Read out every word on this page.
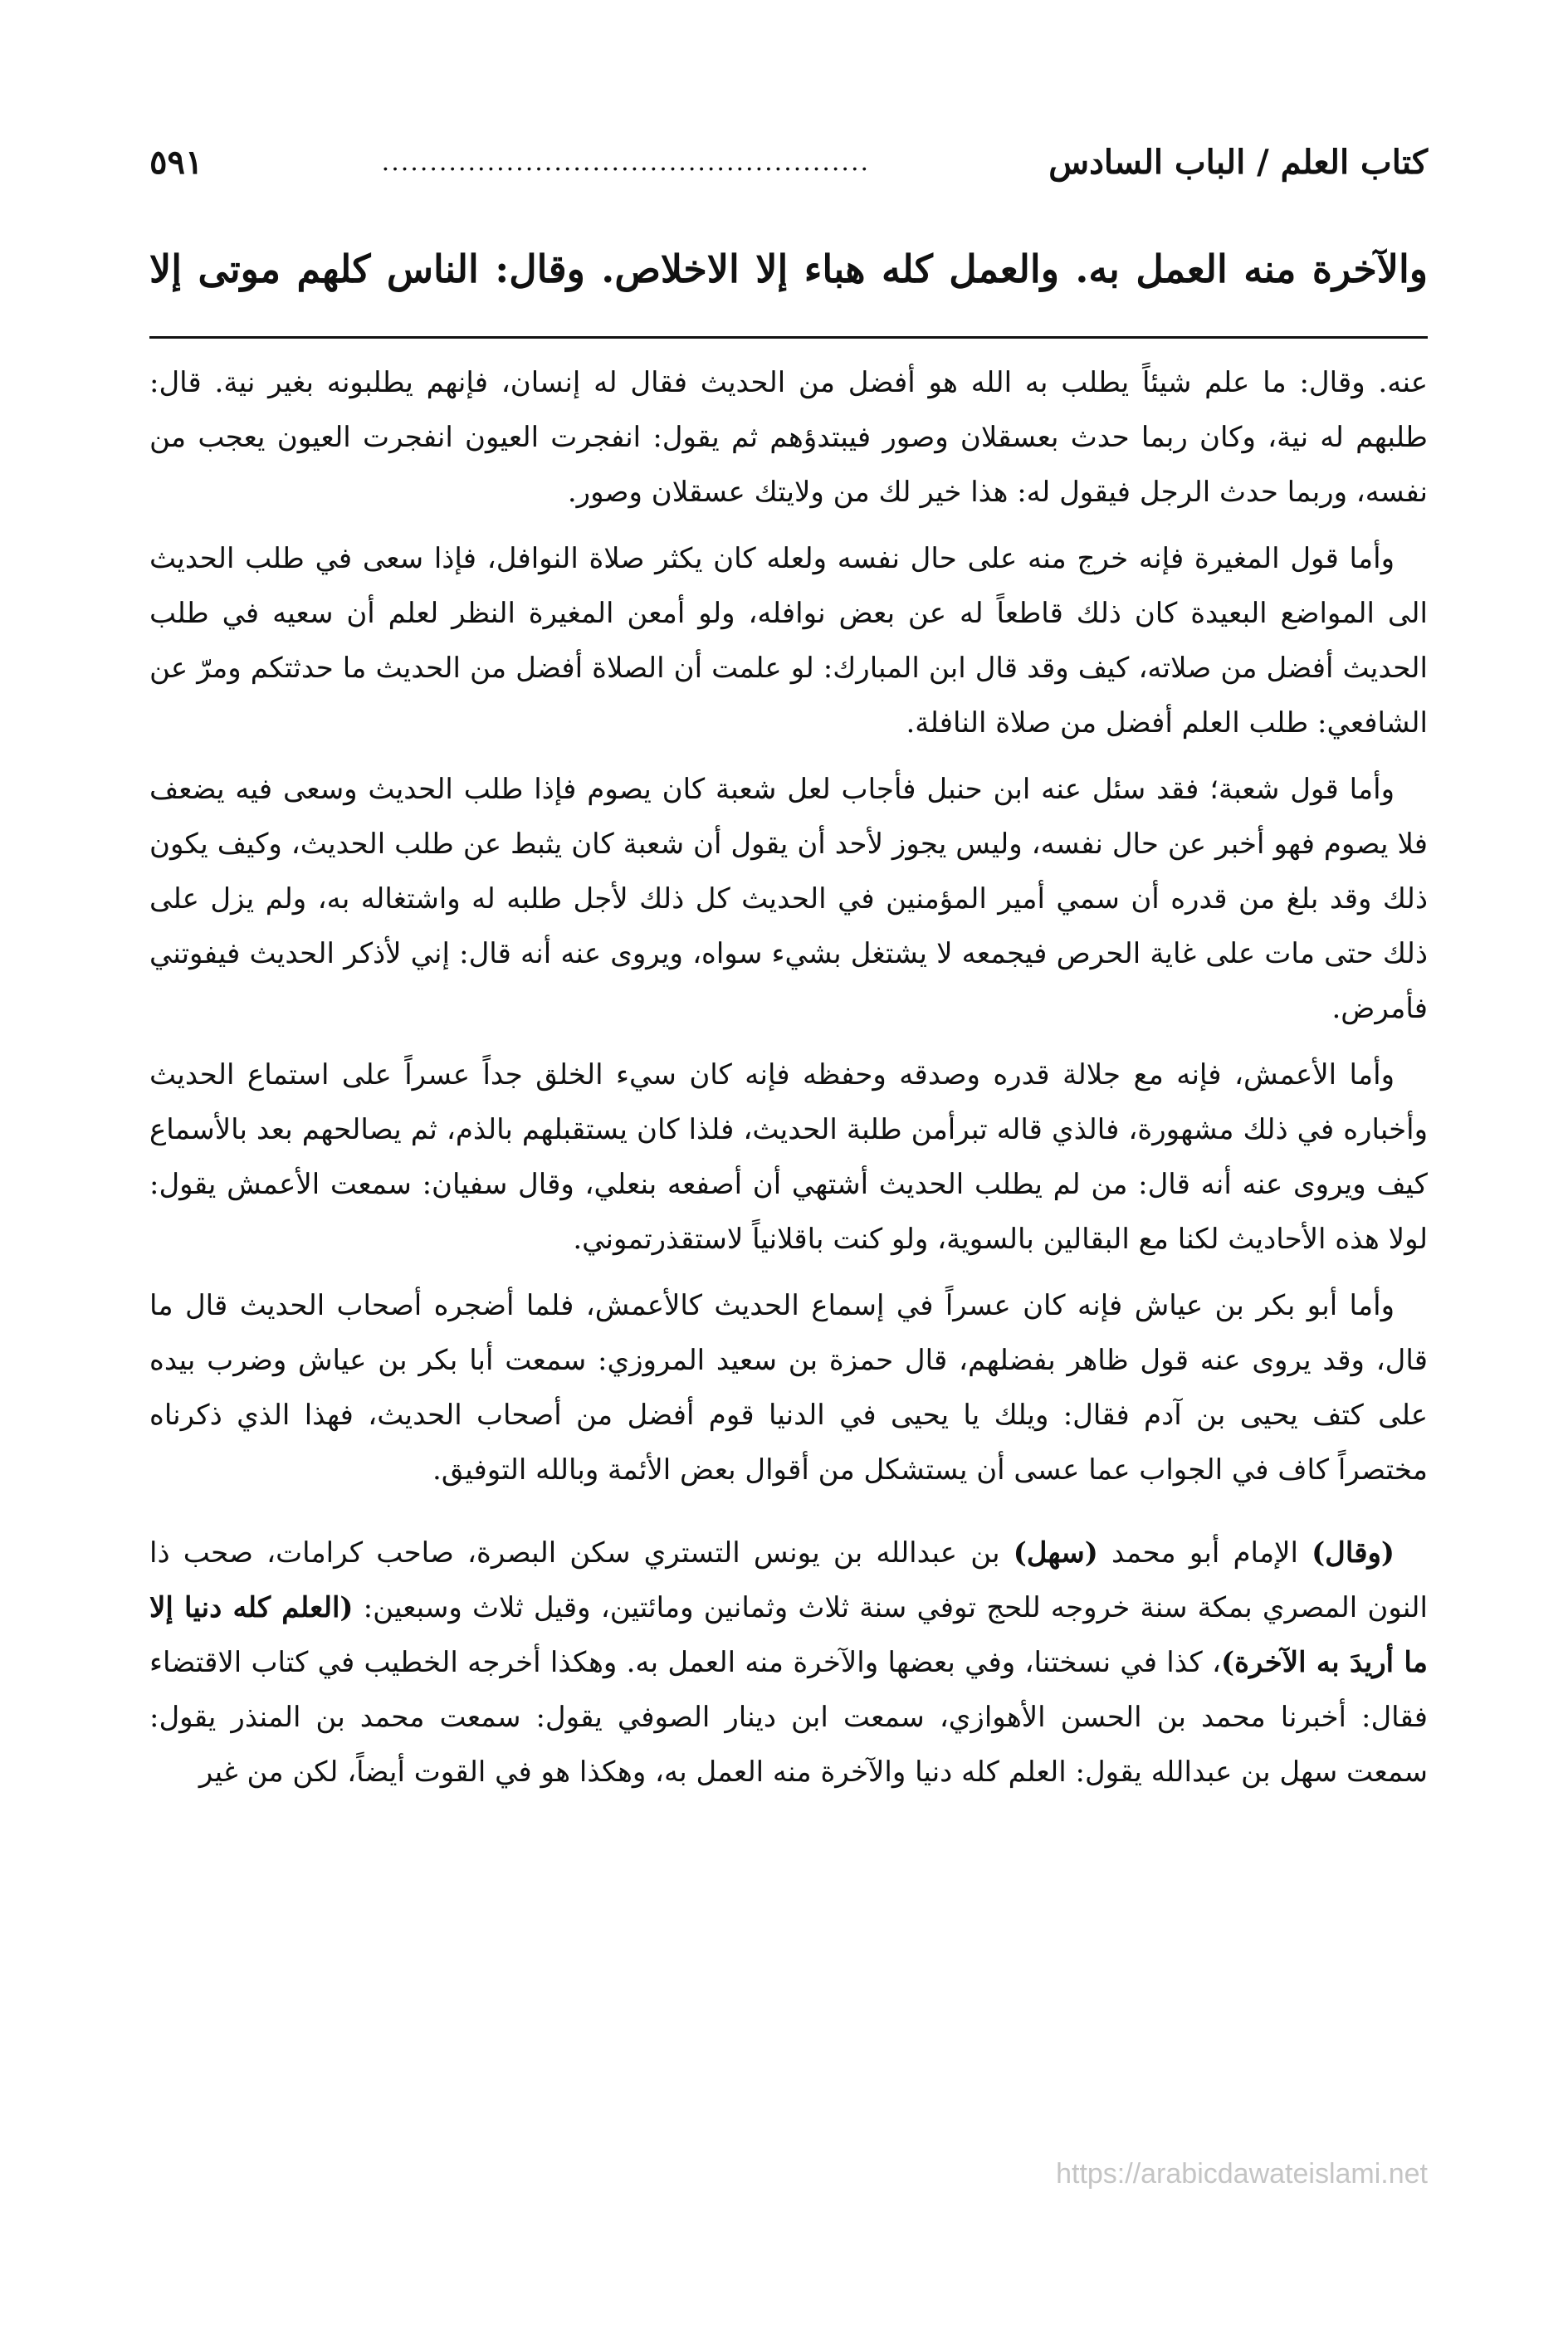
كتاب العلم / الباب السادس
...................................................
٥٩١
والآخرة منه العمل به. والعمل كله هباء إلا الاخلاص. وقال: الناس كلهم موتى إلا

عنه. وقال: ما علم شيئاً يطلب به الله هو أفضل من الحديث فقال له إنسان، فإنهم يطلبونه بغير نية. قال: طلبهم له نية، وكان ربما حدث بعسقلان وصور فيبتدؤهم ثم يقول: انفجرت العيون انفجرت العيون يعجب من نفسه، وربما حدث الرجل فيقول له: هذا خير لك من ولايتك عسقلان وصور.

وأما قول المغيرة فإنه خرج منه على حال نفسه ولعله كان يكثر صلاة النوافل، فإذا سعى في طلب الحديث الى المواضع البعيدة كان ذلك قاطعاً له عن بعض نوافله، ولو أمعن المغيرة النظر لعلم أن سعيه في طلب الحديث أفضل من صلاته، كيف وقد قال ابن المبارك: لو علمت أن الصلاة أفضل من الحديث ما حدثتكم ومرّ عن الشافعي: طلب العلم أفضل من صلاة النافلة.

وأما قول شعبة؛ فقد سئل عنه ابن حنبل فأجاب لعل شعبة كان يصوم فإذا طلب الحديث وسعى فيه يضعف فلا يصوم فهو أخبر عن حال نفسه، وليس يجوز لأحد أن يقول أن شعبة كان يثبط عن طلب الحديث، وكيف يكون ذلك وقد بلغ من قدره أن سمي أمير المؤمنين في الحديث كل ذلك لأجل طلبه له واشتغاله به، ولم يزل على ذلك حتى مات على غاية الحرص فيجمعه لا يشتغل بشيء سواه، ويروى عنه أنه قال: إني لأذكر الحديث فيفوتني فأمرض.

وأما الأعمش، فإنه مع جلالة قدره وصدقه وحفظه فإنه كان سيء الخلق جداً عسراً على استماع الحديث وأخباره في ذلك مشهورة، فالذي قاله تبرأمن طلبة الحديث، فلذا كان يستقبلهم بالذم، ثم يصالحهم بعد بالأسماع كيف ويروى عنه أنه قال: من لم يطلب الحديث أشتهي أن أصفعه بنعلي، وقال سفيان: سمعت الأعمش يقول: لولا هذه الأحاديث لكنا مع البقالين بالسوية، ولو كنت باقلانياً لاستقذرتموني.

وأما أبو بكر بن عياش فإنه كان عسراً في إسماع الحديث كالأعمش، فلما أضجره أصحاب الحديث قال ما قال، وقد يروى عنه قول ظاهر بفضلهم، قال حمزة بن سعيد المروزي: سمعت أبا بكر بن عياش وضرب بيده على كتف يحيى بن آدم فقال: ويلك يا يحيى في الدنيا قوم أفضل من أصحاب الحديث، فهذا الذي ذكرناه مختصراً كاف في الجواب عما عسى أن يستشكل من أقوال بعض الأئمة وبالله التوفيق.

(وقال) الإمام أبو محمد (سهل) بن عبدالله بن يونس التستري سكن البصرة، صاحب كرامات، صحب ذا النون المصري بمكة سنة خروجه للحج توفي سنة ثلاث وثمانين ومائتين، وقيل ثلاث وسبعين: (العلم كله دنيا إلا ما أريدَ به الآخرة)، كذا في نسختنا، وفي بعضها والآخرة منه العمل به. وهكذا أخرجه الخطيب في كتاب الاقتضاء فقال: أخبرنا محمد بن الحسن الأهوازي، سمعت ابن دينار الصوفي يقول: سمعت محمد بن المنذر يقول: سمعت سهل بن عبدالله يقول: العلم كله دنيا والآخرة منه العمل به، وهكذا هو في القوت أيضاً، لكن من غير

https://arabicdawateislami.net
